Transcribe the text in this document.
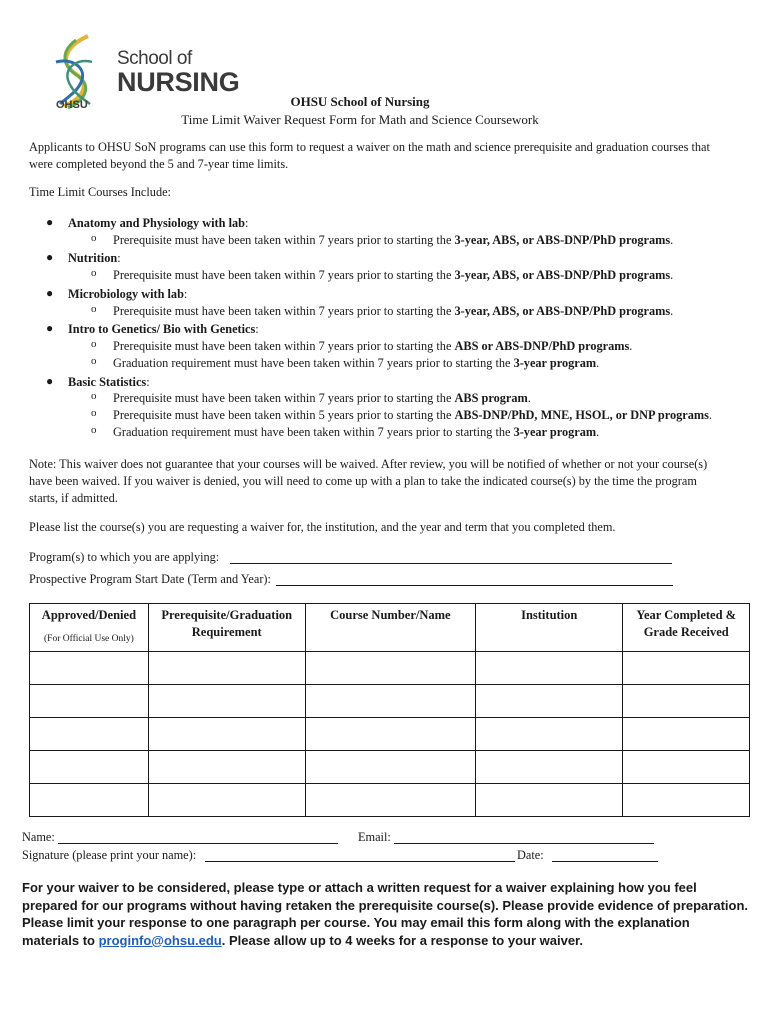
School of
NURSING
OHSU	OHSU School of Nursing
Time Limit Waiver Request Form for Math and Science Coursework
Applicants to OHSU SoN programs can use this form to request a waiver on the math and science prerequisite and graduation courses that were completed beyond the 5 and 7-year time limits.
Time Limit Courses Include:
● Anatomy and Physiology with lab:
o Prerequisite must have been taken within 7 years prior to starting the 3-year, ABS, or ABS-DNP/PhD programs.
● Nutrition:
o Prerequisite must have been taken within 7 years prior to starting the 3-year, ABS, or ABS-DNP/PhD programs.
● Microbiology with lab:
o Prerequisite must have been taken within 7 years prior to starting the 3-year, ABS, or ABS-DNP/PhD programs.
● Intro to Genetics/ Bio with Genetics:
o Prerequisite must have been taken within 7 years prior to starting the ABS or ABS-DNP/PhD programs.
o Graduation requirement must have been taken within 7 years prior to starting the 3-year program.
● Basic Statistics:
o Prerequisite must have been taken within 7 years prior to starting the ABS program.
o Prerequisite must have been taken within 5 years prior to starting the ABS-DNP/PhD, MNE, HSOL, or DNP programs.
o Graduation requirement must have been taken within 7 years prior to starting the 3-year program.
Note: This waiver does not guarantee that your courses will be waived. After review, you will be notified of whether or not your course(s) have been waived. If you waiver is denied, you will need to come up with a plan to take the indicated course(s) by the time the program starts, if admitted.
Please list the course(s) you are requesting a waiver for, the institution, and the year and term that you completed them.
Program(s) to which you are applying:
Prospective Program Start Date (Term and Year):
Approved/Denied
(For Official Use Only)	Prerequisite/Graduation Requirement	Course Number/Name	Institution	Year Completed & Grade Received

Name:	Email:
Signature (please print your name):	Date:
For your waiver to be considered, please type or attach a written request for a waiver explaining how you feel prepared for our programs without having retaken the prerequisite course(s). Please provide evidence of preparation. Please limit your response to one paragraph per course. You may email this form along with the explanation materials to proginfo@ohsu.edu. Please allow up to 4 weeks for a response to your waiver.
